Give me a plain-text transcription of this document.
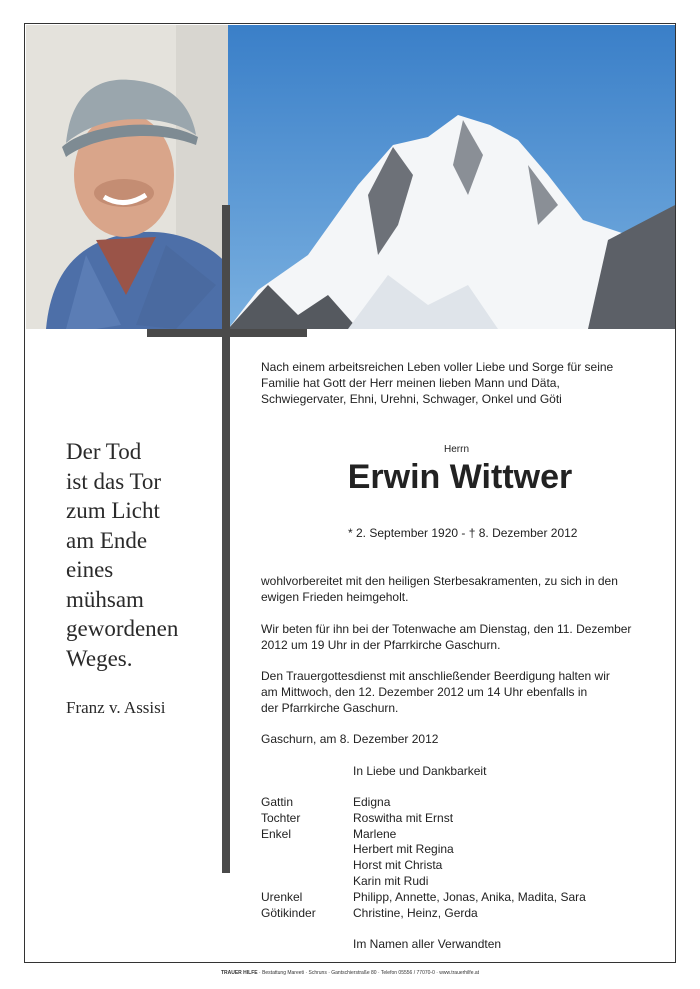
Der Tod
ist das Tor
zum Licht
am Ende
eines
mühsam
gewordenen
Weges.
Franz v. Assisi
Nach einem arbeitsreichen Leben voller Liebe und Sorge für seine
Familie hat Gott der Herr meinen lieben Mann und Däta,
Schwiegervater, Ehni, Urehni, Schwager, Onkel und Göti
Herrn
Erwin Wittwer
* 2. September 1920 - † 8. Dezember 2012
wohlvorbereitet mit den heiligen Sterbesakramenten, zu sich in den
ewigen Frieden heimgeholt.
Wir beten für ihn bei der Totenwache am Dienstag, den 11. Dezember
2012 um 19 Uhr in der Pfarrkirche Gaschurn.
Den Trauergottesdienst mit anschließender Beerdigung halten wir
am Mittwoch, den 12. Dezember 2012 um 14 Uhr ebenfalls in
der Pfarrkirche Gaschurn.
Gaschurn, am 8. Dezember 2012
In Liebe und Dankbarkeit
Gattin	Edigna
Tochter	Roswitha mit Ernst
Enkel	Marlene
Herbert mit Regina
Horst mit Christa
Karin mit Rudi
Urenkel	Philipp, Annette, Jonas, Anika, Madita, Sara
Götikinder	Christine, Heinz, Gerda
Im Namen aller Verwandten
TRAUER HILFE · Bestattung Mareeti · Schruns · Gantschierstraße 80 · Telefon 05556 / 77070-0 · www.trauerhilfe.at
